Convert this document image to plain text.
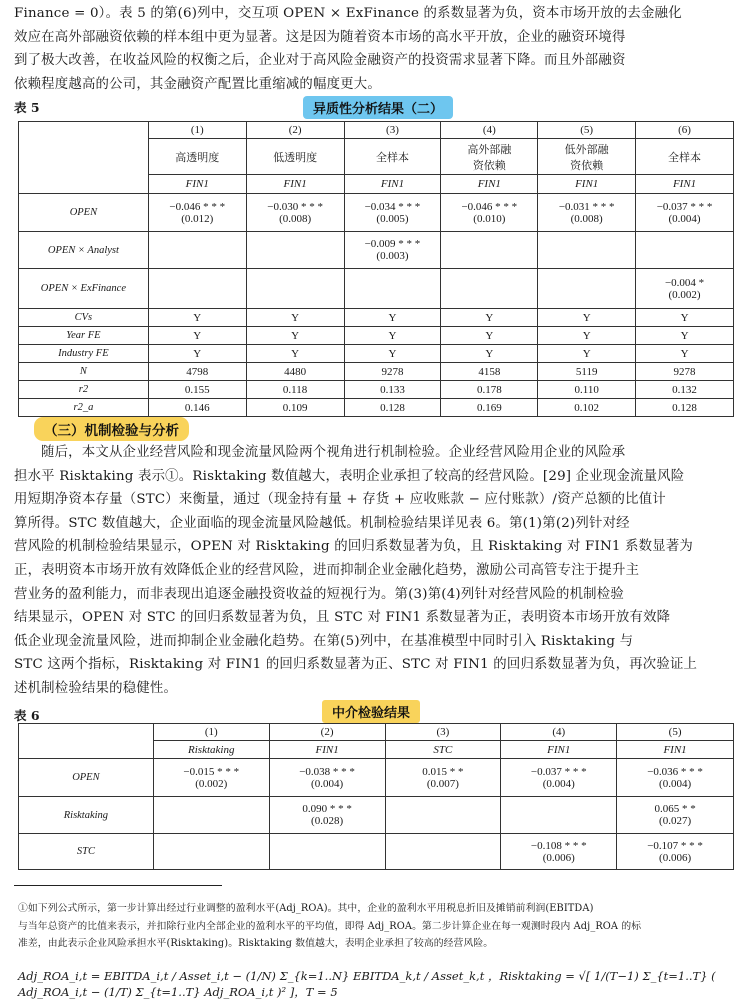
Finance = 0）。表 5 的第(6)列中，交互项 OPEN × ExFinance 的系数显著为负，资本市场开放的去金融化

效应在高外部融资依赖的样本组中更为显著。这是因为随着资本市场的高水平开放，企业的融资环境得

到了极大改善，在收益风险的权衡之后，企业对于高风险金融资产的投资需求显著下降。而且外部融资

依赖程度越高的公司，其金融资产配置比重缩减的幅度更大。

表 5	异质性分析结果（二）
	(1)	(2)	(3)	(4)	(5)	(6)

	高透明度	低透明度	全样本	高外部融
资依赖	低外部融
资依赖	全样本

	FIN1	FIN1	FIN1	FIN1	FIN1	FIN1
OPEN	−0.046 * * *
(0.012)	−0.030 * * *
(0.008)	−0.034 * * *
(0.005)	−0.046 * * *
(0.010)	−0.031 * * *
(0.008)	−0.037 * * *
(0.004)

OPEN × Analyst			−0.009 * * *
(0.003)			

OPEN × ExFinance						−0.004 *
(0.002)

CVs	Y	Y	Y	Y	Y	Y
Year FE	Y	Y	Y	Y	Y	Y
Industry FE	Y	Y	Y	Y	Y	Y
N	4798	4480	9278	4158	5119	9278
r2	0.155	0.118	0.133	0.178	0.110	0.132
r2_a	0.146	0.109	0.128	0.169	0.102	0.128
（三）机制检验与分析

随后，本文从企业经营风险和现金流量风险两个视角进行机制检验。企业经营风险用企业的风险承

担水平 Risktaking 表示①。Risktaking 数值越大，表明企业承担了较高的经营风险。[29] 企业现金流量风险

用短期净资本存量（STC）来衡量，通过（现金持有量 + 存货 + 应收账款 − 应付账款）/资产总额的比值计

算所得。STC 数值越大，企业面临的现金流量风险越低。机制检验结果详见表 6。第(1)第(2)列针对经

营风险的机制检验结果显示，OPEN 对 Risktaking 的回归系数显著为负，且 Risktaking 对 FIN1 系数显著为

正，表明资本市场开放有效降低企业的经营风险，进而抑制企业金融化趋势，激励公司高管专注于提升主

营业务的盈利能力，而非表现出追逐金融投资收益的短视行为。第(3)第(4)列针对经营风险的机制检验

结果显示，OPEN 对 STC 的回归系数显著为负，且 STC 对 FIN1 系数显著为正，表明资本市场开放有效降

低企业现金流量风险，进而抑制企业金融化趋势。在第(5)列中，在基准模型中同时引入 Risktaking 与

STC 这两个指标，Risktaking 对 FIN1 的回归系数显著为正、STC 对 FIN1 的回归系数显著为负，再次验证上

述机制检验结果的稳健性。

表 6	中介检验结果
	(1)	(2)	(3)	(4)	(5)
	Risktaking	FIN1	STC	FIN1	FIN1
OPEN	−0.015 * * *
(0.002)	−0.038 * * *
(0.004)	0.015 * *
(0.007)	−0.037 * * *
(0.004)	−0.036 * * *
(0.004)

Risktaking		0.090 * * *
(0.028)			0.065 * *
(0.027)

STC				−0.108 * * *
(0.006)	−0.107 * * *
(0.006)
①如下列公式所示，第一步计算出经过行业调整的盈利水平(Adj_ROA)。其中，企业的盈利水平用税息折旧及摊销前利润(EBITDA)
与当年总资产的比值来表示，并扣除行业内全部企业的盈利水平的平均值，即得 Adj_ROA。第二步计算企业在每一观测时段内 Adj_ROA 的标
准差，由此表示企业风险承担水平(Risktaking)。Risktaking 数值越大，表明企业承担了较高的经营风险。
Adj_ROA_i,t = EBITDA_i,t / Asset_i,t − (1/N) Σ_{k=1..N} EBITDA_k,t / Asset_k,t ，Risktaking = √[ 1/(T−1) Σ_{t=1..T} ( Adj_ROA_i,t − (1/T) Σ_{t=1..T} Adj_ROA_i,t )² ]，T = 5
